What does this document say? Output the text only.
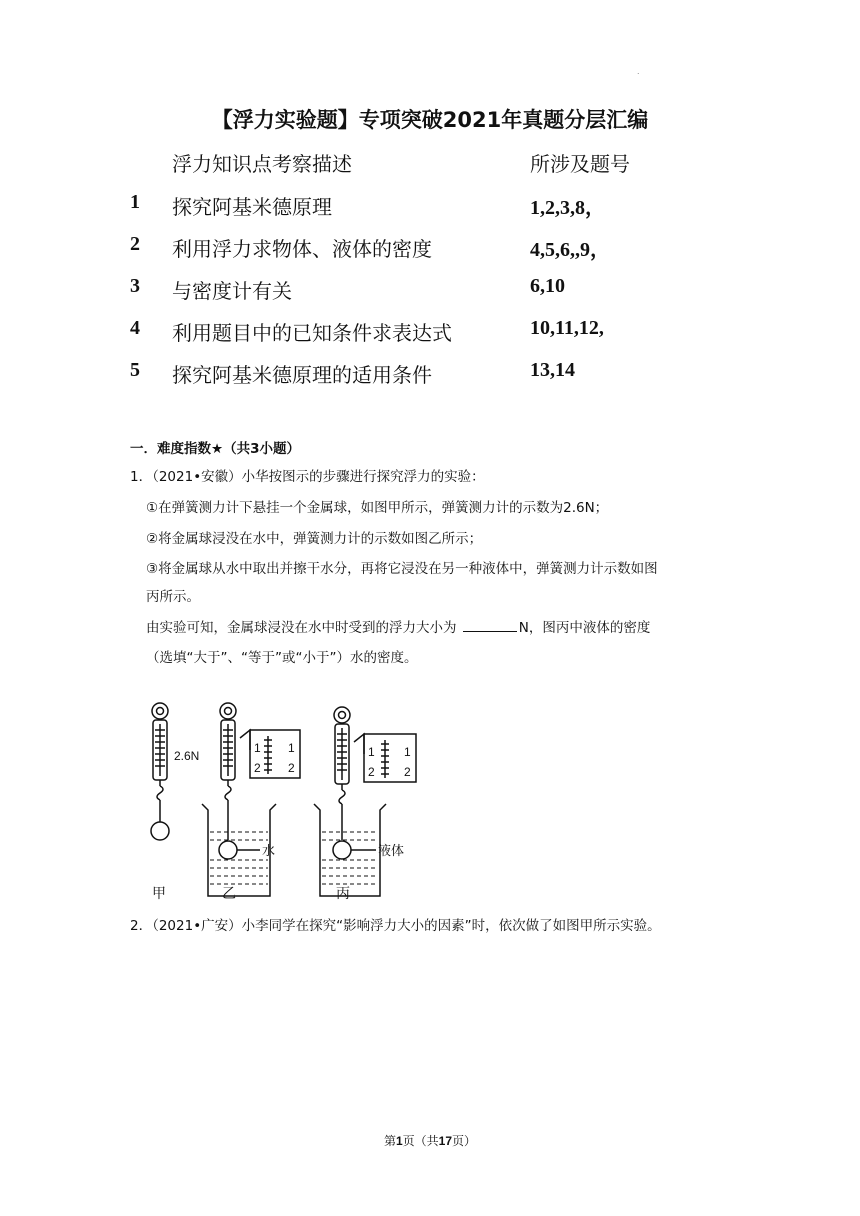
.
【浮力实验题】专项突破2021年真题分层汇编
浮力知识点考察描述	所涉及题号
1 探究阿基米德原理	1,2,3,8，
2 利用浮力求物体、液体的密度	4,5,6,,9，
3 与密度计有关	6,10
4 利用题目中的已知条件求表达式	10,11,12,
5 探究阿基米德原理的适用条件	13,14
一．难度指数★（共3小题）
1．（2021•安徽）小华按图示的步骤进行探究浮力的实验：
①在弹簧测力计下悬挂一个金属球，如图甲所示，弹簧测力计的示数为2.6N；
②将金属球浸没在水中，弹簧测力计的示数如图乙所示；
③将金属球从水中取出并擦干水分，再将它浸没在另一种液体中，弹簧测力计示数如图
丙所示。
由实验可知，金属球浸没在水中时受到的浮力大小为	N，图丙中液体的密度
（选填“大于”、“等于”或“小于”）水的密度。
2.6N
1
2
1
2
1
2
1
2
水	液体
甲	乙	丙
2．（2021•广安）小李同学在探究“影响浮力大小的因素”时，依次做了如图甲所示实验。
第1页（共17页）
